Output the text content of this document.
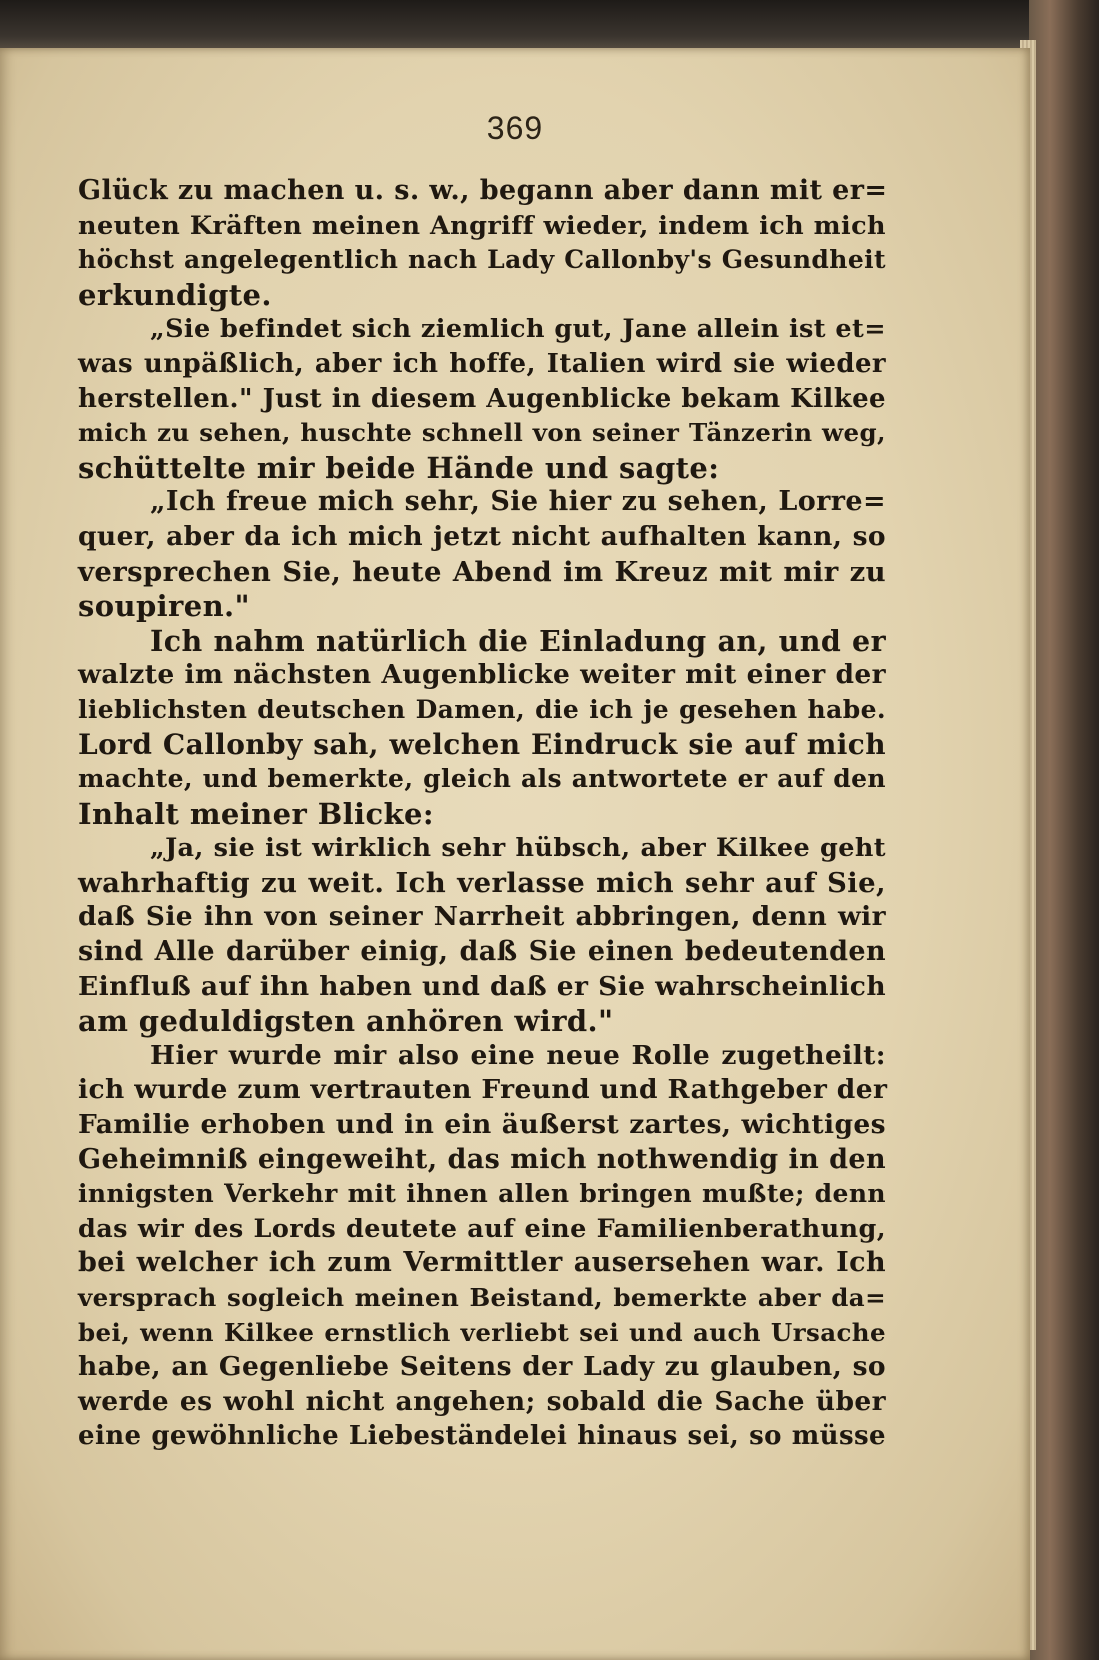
369
Glück zu machen u. s. w., begann aber dann mit er=
neuten Kräften meinen Angriff wieder, indem ich mich
höchst angelegentlich nach Lady Callonby's Gesundheit
erkundigte.
„Sie befindet sich ziemlich gut, Jane allein ist et=
was unpäßlich, aber ich hoffe, Italien wird sie wieder
herstellen." Just in diesem Augenblicke bekam Kilkee
mich zu sehen, huschte schnell von seiner Tänzerin weg,
schüttelte mir beide Hände und sagte:
„Ich freue mich sehr, Sie hier zu sehen, Lorre=
quer, aber da ich mich jetzt nicht aufhalten kann, so
versprechen Sie, heute Abend im Kreuz mit mir zu
soupiren."
Ich nahm natürlich die Einladung an, und er
walzte im nächsten Augenblicke weiter mit einer der
lieblichsten deutschen Damen, die ich je gesehen habe.
Lord Callonby sah, welchen Eindruck sie auf mich
machte, und bemerkte, gleich als antwortete er auf den
Inhalt meiner Blicke:
„Ja, sie ist wirklich sehr hübsch, aber Kilkee geht
wahrhaftig zu weit. Ich verlasse mich sehr auf Sie,
daß Sie ihn von seiner Narrheit abbringen, denn wir
sind Alle darüber einig, daß Sie einen bedeutenden
Einfluß auf ihn haben und daß er Sie wahrscheinlich
am geduldigsten anhören wird."
Hier wurde mir also eine neue Rolle zugetheilt:
ich wurde zum vertrauten Freund und Rathgeber der
Familie erhoben und in ein äußerst zartes, wichtiges
Geheimniß eingeweiht, das mich nothwendig in den
innigsten Verkehr mit ihnen allen bringen mußte; denn
das wir des Lords deutete auf eine Familienberathung,
bei welcher ich zum Vermittler ausersehen war. Ich
versprach sogleich meinen Beistand, bemerkte aber da=
bei, wenn Kilkee ernstlich verliebt sei und auch Ursache
habe, an Gegenliebe Seitens der Lady zu glauben, so
werde es wohl nicht angehen; sobald die Sache über
eine gewöhnliche Liebeständelei hinaus sei, so müsse
